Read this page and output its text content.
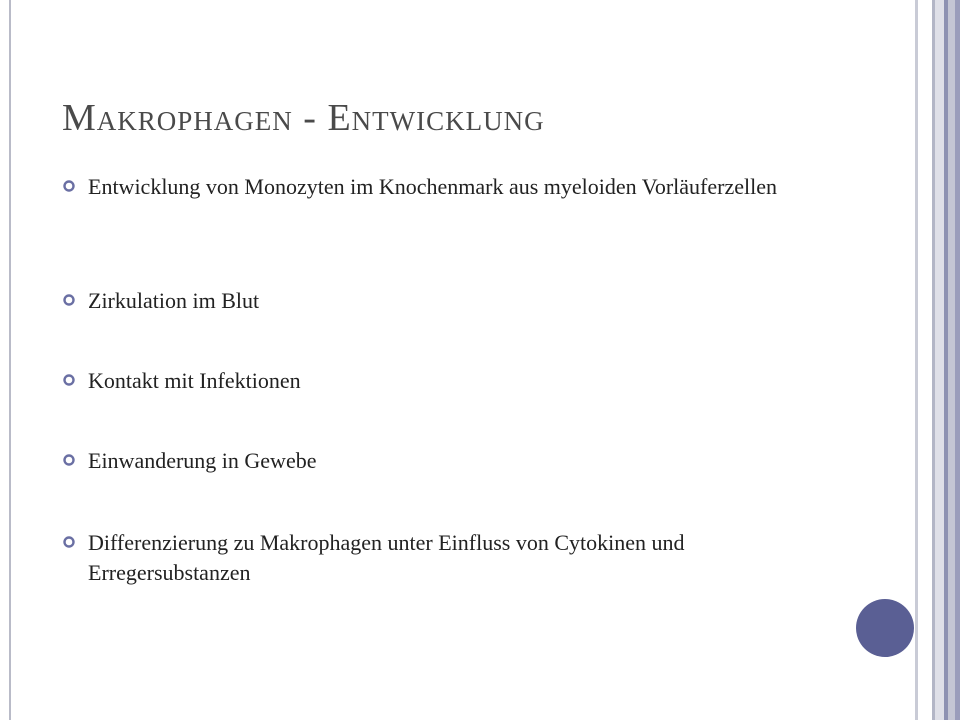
Makrophagen - Entwicklung
Entwicklung von Monozyten im Knochenmark aus myeloiden Vorläuferzellen
Zirkulation im Blut
Kontakt mit Infektionen
Einwanderung in Gewebe
Differenzierung zu Makrophagen unter Einfluss von Cytokinen und Erregersubstanzen
